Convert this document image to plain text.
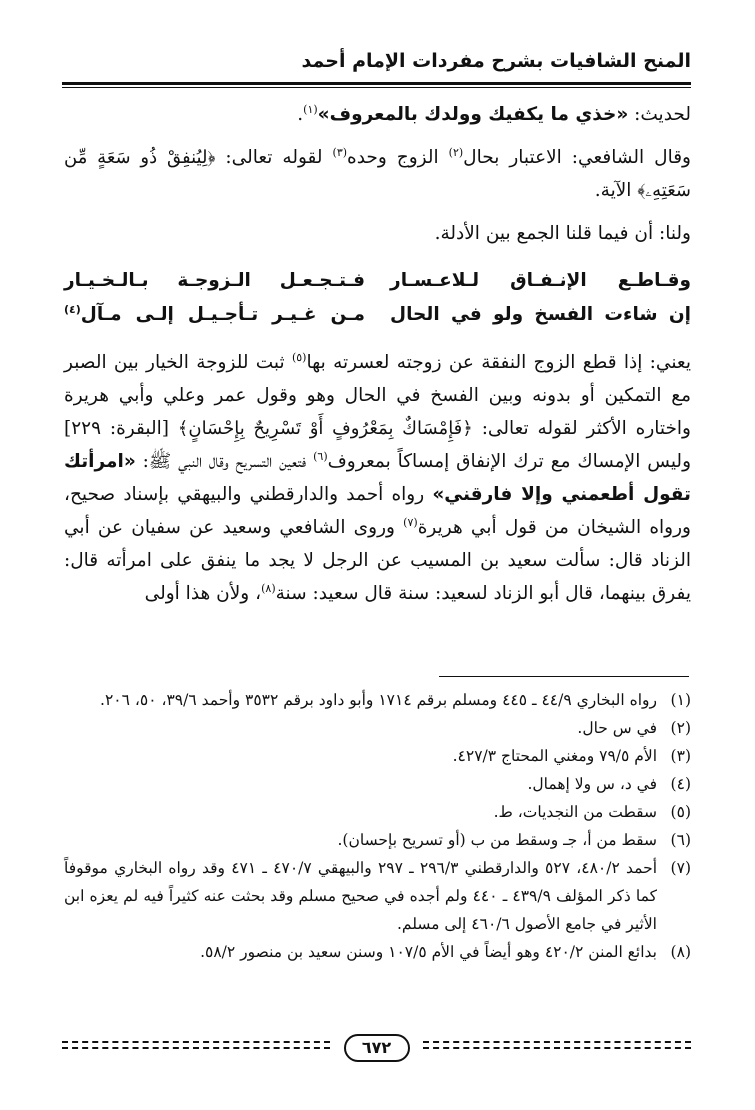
المنح الشافيات بشرح مفردات الإمام أحمد

لحديث: «خذي ما يكفيك وولدك بالمعروف»$^{(١)}$.

وقال الشافعي: الاعتبار بحال$^{(٢)}$ الزوج وحده$^{(٣)}$ لقوله تعالى: ﴿لِيُنفِقْ ذُو سَعَةٍ مِّن سَعَتِهِۦ﴾ الآية.

ولنا: أن فيما قلنا الجمع بين الأدلة.

وقـاطـع الإنـفـاق لـلاعـسـار
فـتـجـعـل الـزوجـة بـالـخـيـار
إن شاءت الفسخ ولو في الحال
مـن غـيـر تـأجـيـل إلـى مـآل$^{(٤)}$

يعني: إذا قطع الزوج النفقة عن زوجته لعسرته بها$^{(٥)}$ ثبت للزوجة الخيار بين الصبر مع التمكين أو بدونه وبين الفسخ في الحال وهو وقول عمر وعلي وأبي هريرة واختاره الأكثر لقوله تعالى: ﴿فَإِمْسَاكٌ بِمَعْرُوفٍ أَوْ تَسْرِيحٌ بِإِحْسَانٍ﴾ [البقرة: ٢٢٩] وليس الإمساك مع ترك الإنفاق إمساكاً بمعروف$^{(٦)}$ فتعين التسريح وقال النبي ﷺ: «امرأتك تقول أطعمني وإلا فارقني» رواه أحمد والدارقطني والبيهقي بإسناد صحيح، ورواه الشيخان من قول أبي هريرة$^{(٧)}$ وروى الشافعي وسعيد عن سفيان عن أبي الزناد قال: سألت سعيد بن المسيب عن الرجل لا يجد ما ينفق على امرأته قال: يفرق بينهما، قال أبو الزناد لسعيد: سنة قال سعيد: سنة$^{(٨)}$، ولأن هذا أولى

(١)
رواه البخاري ٤٤/٩ ـ ٤٤٥ ومسلم برقم ١٧١٤ وأبو داود برقم ٣٥٣٢ وأحمد ٣٩/٦، ٥٠، ٢٠٦.
(٢)
في س حال.
(٣)
الأم ٧٩/٥ ومغني المحتاج ٤٢٧/٣.
(٤)
في د، س ولا إهمال.
(٥)
سقطت من النجديات، ط.
(٦)
سقط من أ، جـ وسقط من ب (أو تسريح بإحسان).
(٧)
أحمد ٤٨٠/٢، ٥٢٧ والدارقطني ٢٩٦/٣ ـ ٢٩٧ والبيهقي ٤٧٠/٧ ـ ٤٧١ وقد رواه البخاري موقوفاً كما ذكر المؤلف ٤٣٩/٩ ـ ٤٤٠ ولم أجده في صحيح مسلم وقد بحثت عنه كثيراً فيه لم يعزه ابن الأثير في جامع الأصول ٤٦٠/٦ إلى مسلم.
(٨)
بدائع المنن ٤٢٠/٢ وهو أيضاً في الأم ١٠٧/٥ وسنن سعيد بن منصور ٥٨/٢.
٦٧٢
